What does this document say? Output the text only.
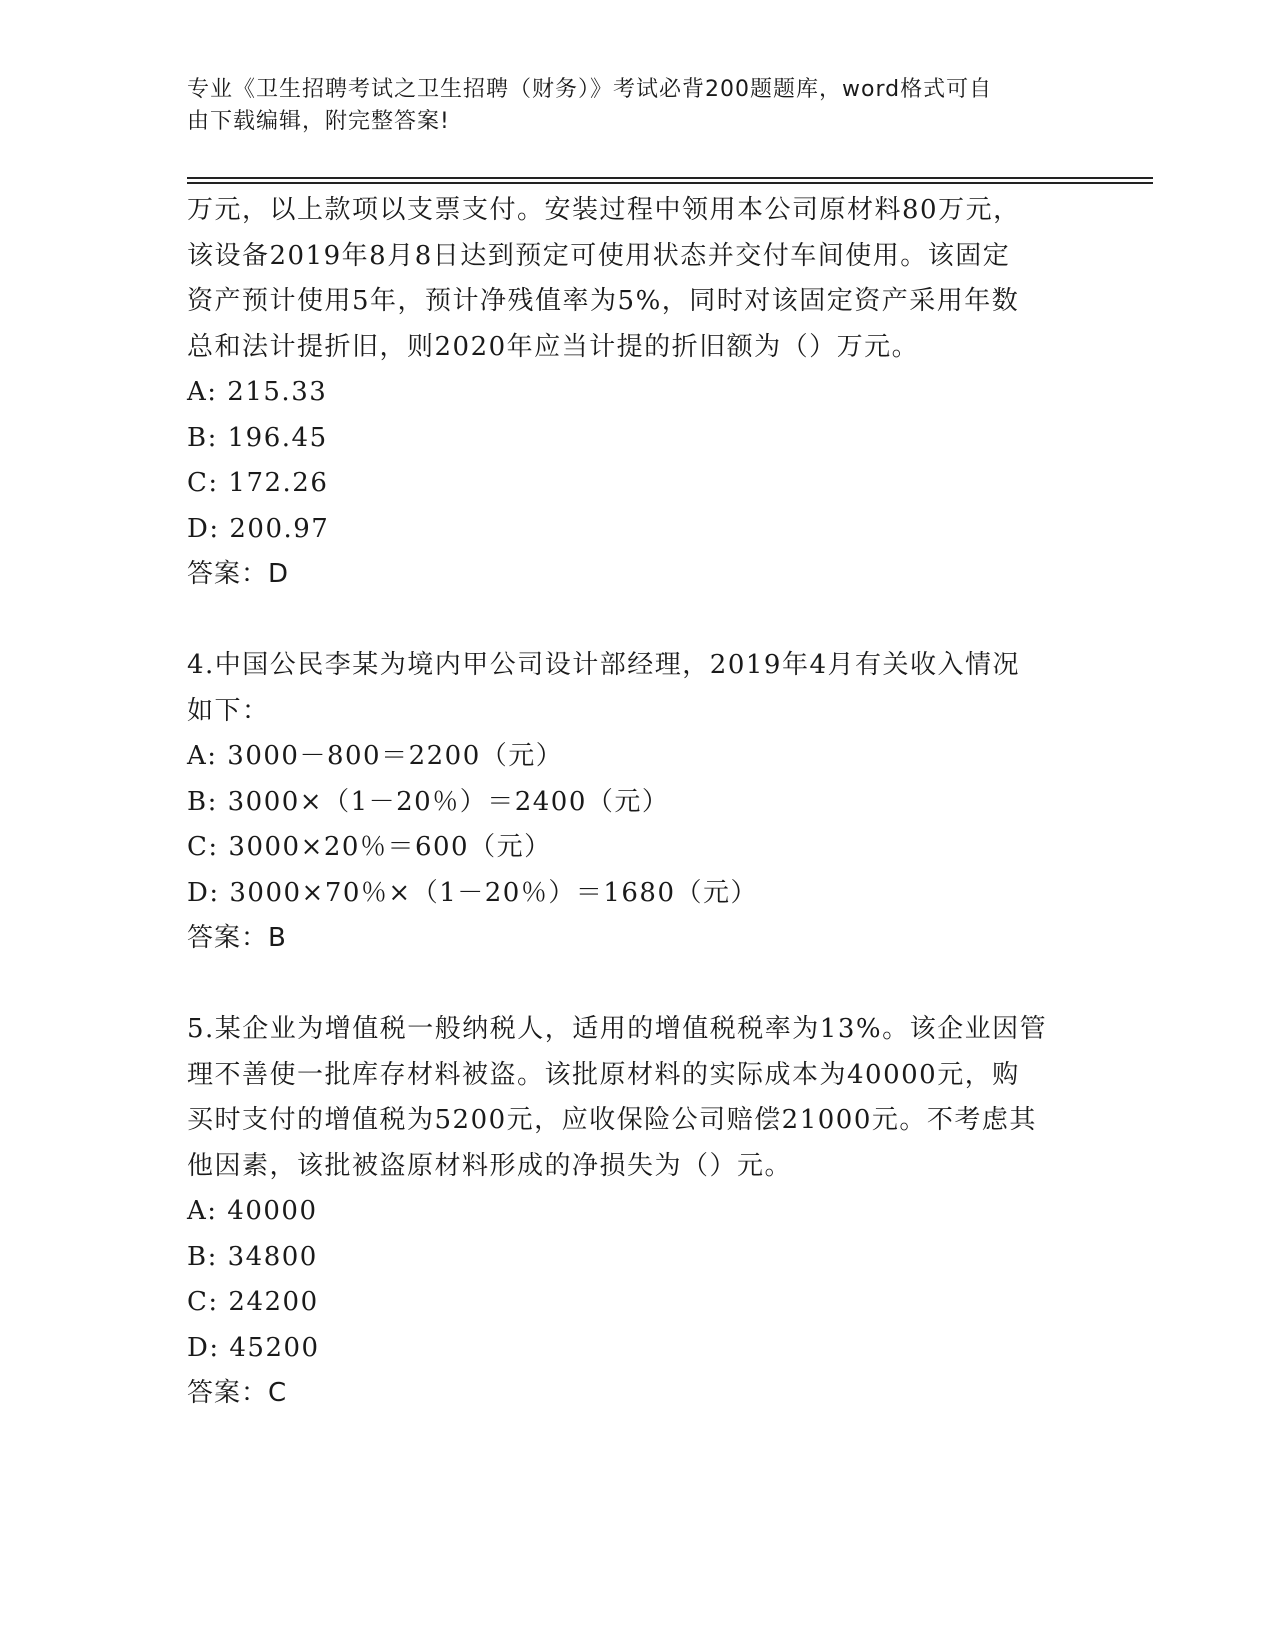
专业《卫生招聘考试之卫生招聘（财务）》考试必背200题题库，word格式可自
由下载编辑，附完整答案!
万元，以上款项以支票支付。安装过程中领用本公司原材料80万元，
该设备2019年8月8日达到预定可使用状态并交付车间使用。该固定
资产预计使用5年，预计净残值率为5%，同时对该固定资产采用年数
总和法计提折旧，则2020年应当计提的折旧额为（）万元。
A: 215.33
B: 196.45
C: 172.26
D: 200.97
答案：D
4.中国公民李某为境内甲公司设计部经理，2019年4月有关收入情况
如下：
A: 3000－800＝2200（元）
B: 3000×（1－20％）＝2400（元）
C: 3000×20％＝600（元）
D: 3000×70％×（1－20％）＝1680（元）
答案：B
5.某企业为增值税一般纳税人，适用的增值税税率为13%。该企业因管
理不善使一批库存材料被盗。该批原材料的实际成本为40000元，购
买时支付的增值税为5200元，应收保险公司赔偿21000元。不考虑其
他因素，该批被盗原材料形成的净损失为（）元。
A: 40000
B: 34800
C: 24200
D: 45200
答案：C
